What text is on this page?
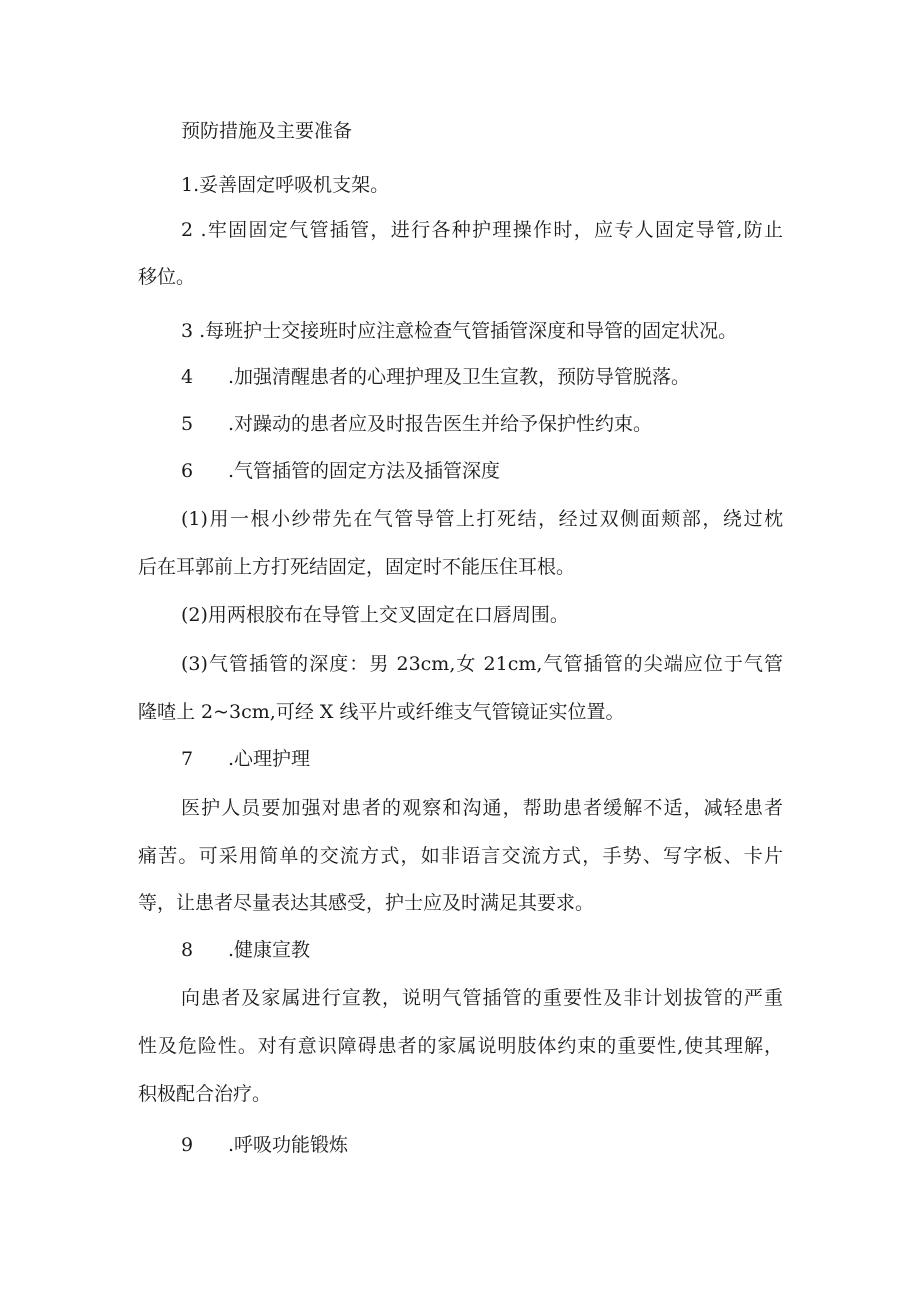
预防措施及主要准备
1.妥善固定呼吸机支架。
2 .牢固固定气管插管，进行各种护理操作时，应专人固定导管,防止
移位。
3 .每班护士交接班时应注意检查气管插管深度和导管的固定状况。
4 .加强清醒患者的心理护理及卫生宣教，预防导管脱落。
5 .对躁动的患者应及时报告医生并给予保护性约束。
6 .气管插管的固定方法及插管深度
(1)用一根小纱带先在气管导管上打死结，经过双侧面颊部，绕过枕
后在耳郭前上方打死结固定，固定时不能压住耳根。
(2)用两根胶布在导管上交叉固定在口唇周围。
(3)气管插管的深度：男 23cm,女 21cm,气管插管的尖端应位于气管
隆喳上 2~3cm,可经 X 线平片或纤维支气管镜证实位置。
7 .心理护理
医护人员要加强对患者的观察和沟通，帮助患者缓解不适，减轻患者
痛苦。可采用简单的交流方式，如非语言交流方式，手势、写字板、卡片
等，让患者尽量表达其感受，护士应及时满足其要求。
8 .健康宣教
向患者及家属进行宣教，说明气管插管的重要性及非计划拔管的严重
性及危险性。对有意识障碍患者的家属说明肢体约束的重要性,使其理解，
积极配合治疗。
9 .呼吸功能锻炼
